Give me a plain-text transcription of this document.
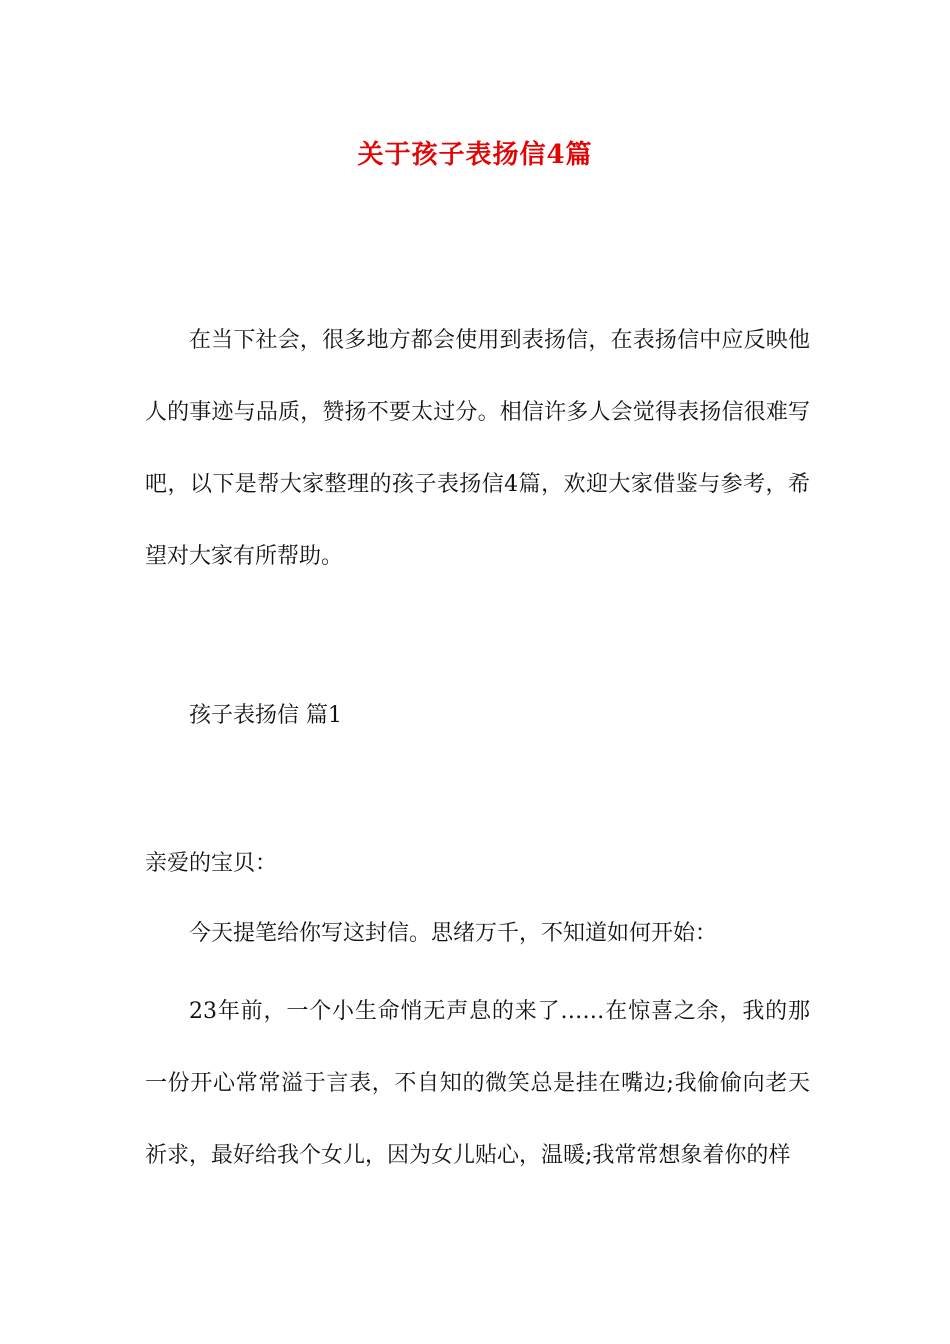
关于孩子表扬信4篇
在当下社会，很多地方都会使用到表扬信，在表扬信中应反映他人的事迹与品质，赞扬不要太过分。相信许多人会觉得表扬信很难写吧，以下是帮大家整理的孩子表扬信4篇，欢迎大家借鉴与参考，希望对大家有所帮助。
孩子表扬信 篇1
亲爱的宝贝：
今天提笔给你写这封信。思绪万千，不知道如何开始：
23年前，一个小生命悄无声息的来了……在惊喜之余，我的那一份开心常常溢于言表，不自知的微笑总是挂在嘴边;我偷偷向老天祈求，最好给我个女儿，因为女儿贴心，温暖;我常常想象着你的样
